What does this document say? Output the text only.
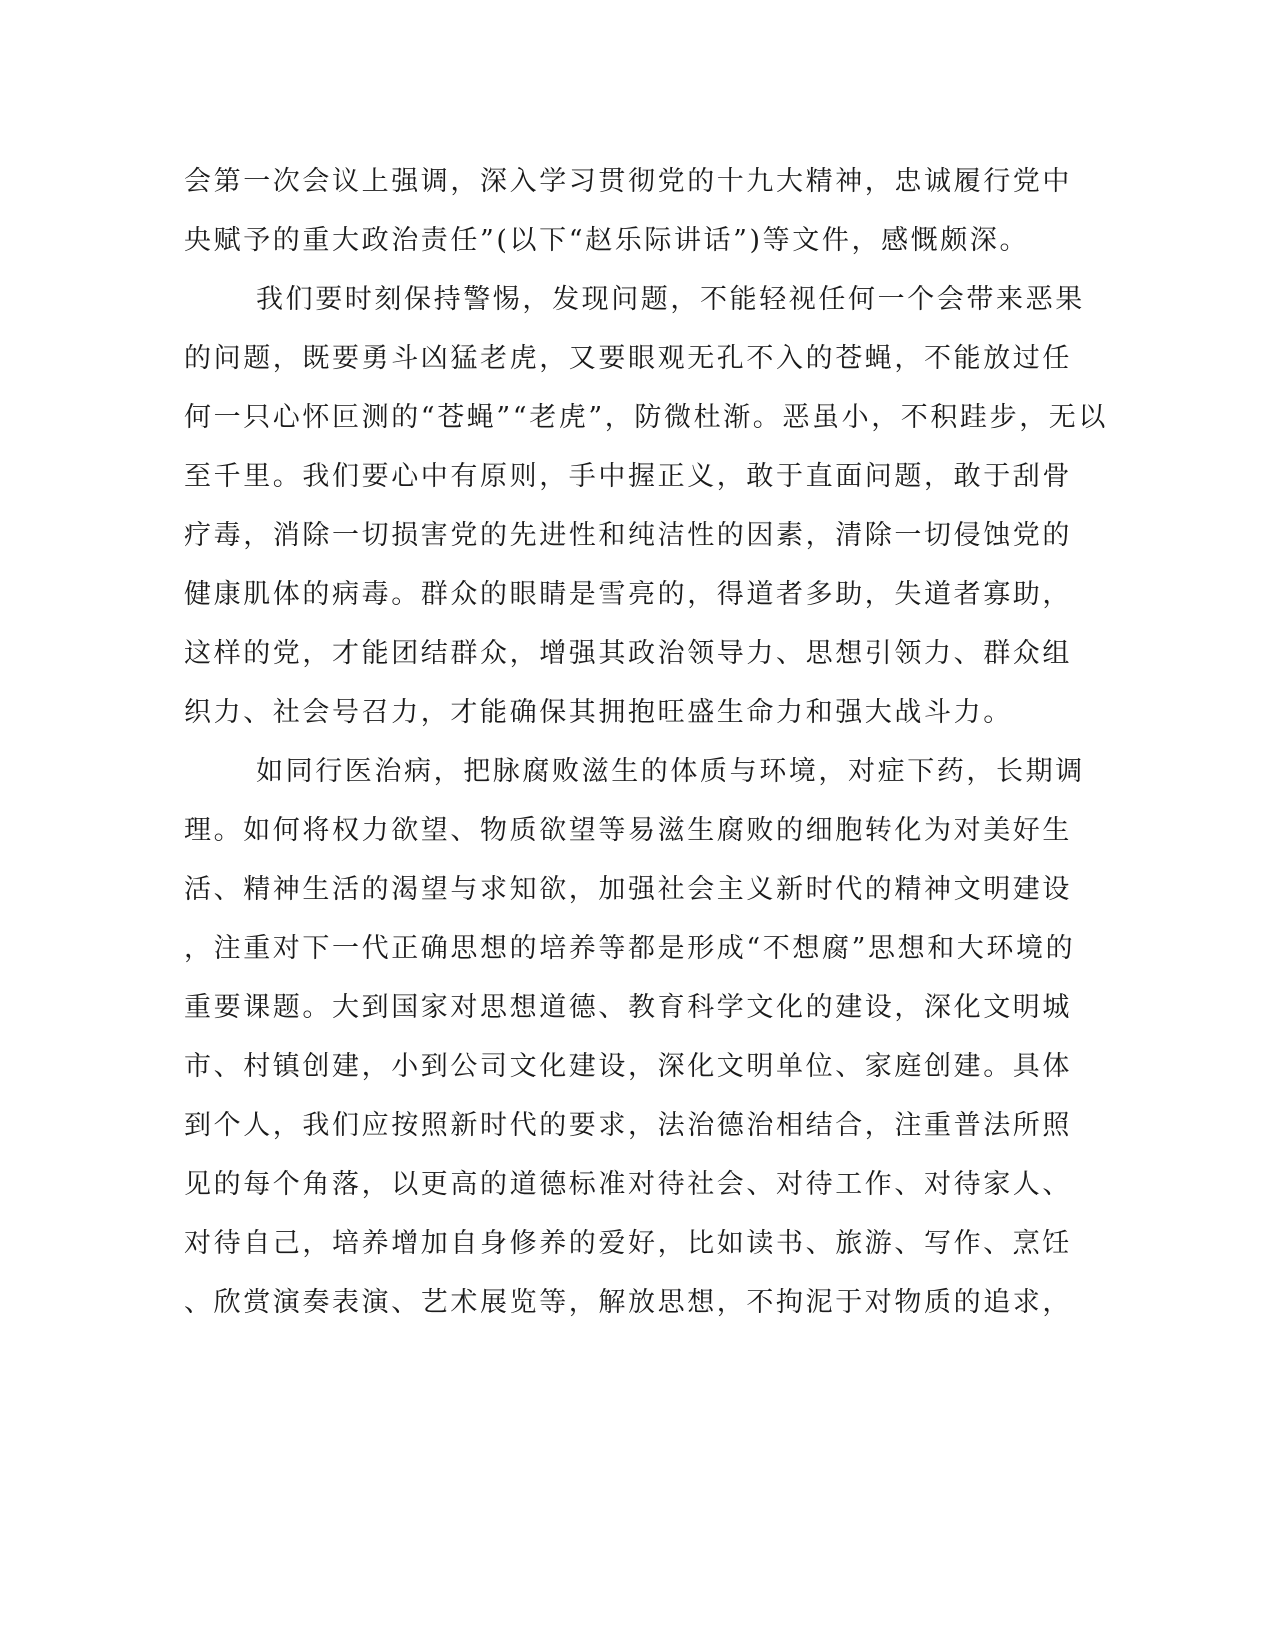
会第一次会议上强调，深入学习贯彻党的十九大精神，忠诚履行党中
央赋予的重大政治责任”(以下“赵乐际讲话”)等文件，感慨颇深。
我们要时刻保持警惕，发现问题，不能轻视任何一个会带来恶果
的问题，既要勇斗凶猛老虎，又要眼观无孔不入的苍蝇，不能放过任
何一只心怀叵测的“苍蝇”“老虎”，防微杜渐。恶虽小，不积跬步，无以
至千里。我们要心中有原则，手中握正义，敢于直面问题，敢于刮骨
疗毒，消除一切损害党的先进性和纯洁性的因素，清除一切侵蚀党的
健康肌体的病毒。群众的眼睛是雪亮的，得道者多助，失道者寡助，
这样的党，才能团结群众，增强其政治领导力、思想引领力、群众组
织力、社会号召力，才能确保其拥抱旺盛生命力和强大战斗力。
如同行医治病，把脉腐败滋生的体质与环境，对症下药，长期调
理。如何将权力欲望、物质欲望等易滋生腐败的细胞转化为对美好生
活、精神生活的渴望与求知欲，加强社会主义新时代的精神文明建设
，注重对下一代正确思想的培养等都是形成“不想腐”思想和大环境的
重要课题。大到国家对思想道德、教育科学文化的建设，深化文明城
市、村镇创建，小到公司文化建设，深化文明单位、家庭创建。具体
到个人，我们应按照新时代的要求，法治德治相结合，注重普法所照
见的每个角落，以更高的道德标准对待社会、对待工作、对待家人、
对待自己，培养增加自身修养的爱好，比如读书、旅游、写作、烹饪
、欣赏演奏表演、艺术展览等，解放思想，不拘泥于对物质的追求，
